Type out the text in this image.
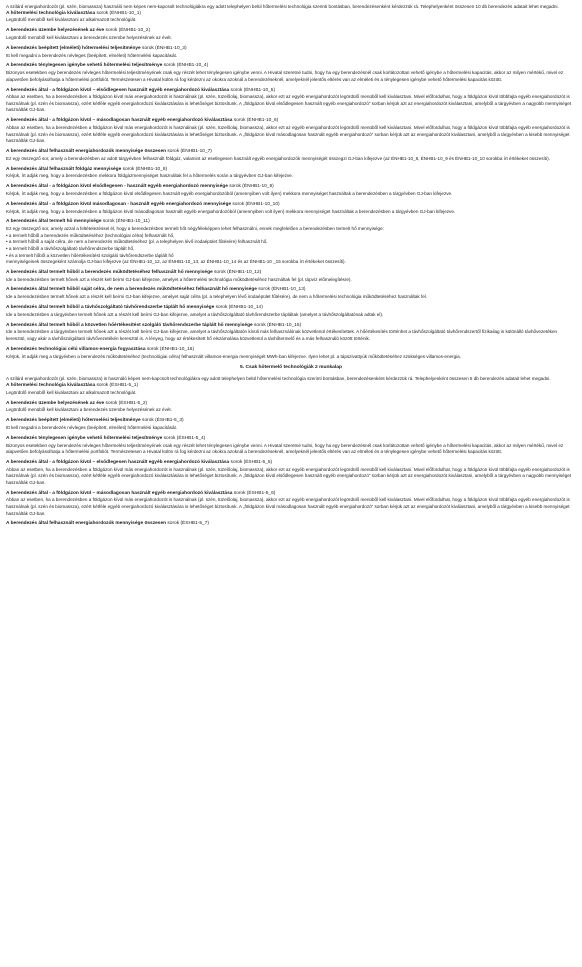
A szilárd energiahordozót (pl. szén, biomassza) használó nem képes nem-kapcsolt technológiákra egy adott telephelyen belül hőtermelési technológia szerinti bontásban, berendezésenként kérdezzük rá. Telephelyenként összesen 10 db berendezés adatait lehet megadni.

A hőtermelési technológia kiválasztása sorok (ÉNHB1-10_1)

Legördülő menüből kell kiválasztani az alkalmazott technológiát.

A berendezés üzembe helyezésének az éve sorok (ÉNHB1-10_2)

Legördülő menüből kell kiválasztani a berendezés üzembe helyezésének az évét.

A berendezés beépített (elméleti) hőtermelési teljesítménye sorok (ÉNHB1-10_3)

Itt kell megadni a berendezés névleges (beépített, elméleti) hőtermelési kapacitását.

A berendezés ténylegesen igénybe vehető hőtermelési teljesítménye sorok (ÉNHB1-10_4)

Bizonyos esetekben egy berendezés névleges hőtermelési teljesítményének csak egy részét lehet ténylegesen igénybe venni. A Hivatal szeretné tudni, hogy ha egy berendezésnél csak korlátozottan vehető igénybe a hőtermelési kapacitás, akkor az milyen mértékű, mivel ez alapvetően befolyásolhatja a hőtermelési portfoliót. Természetesen a Hivatal külön rá fog kérdezni az okokra azoknál a berendezéseknél, amelyeknél jelentős eltérés van az elméleti és a ténylegesen igénybe vehető hőtermelési kapacitás között.

A berendezés által - a földgázon kívül – elsődlegesen használt egyéb energiahordozó kiválasztása sorok (ÉNHB1-10_5)

Abban az esetben, ha a berendezésben a földgázon kívül más energiahordozót is használnak (pl. szén, tüzelőolaj, biomassza), akkor ezt az egyéb energiahordozót legördülő menüből kell kiválasztani. Mivel előfordulhat, hogy a földgázon kívül többfajta egyéb energiahordozót is használnak (pl. szén és biomassza), ezért kétféle egyéb energiahordozó kiválasztására is lehetőséget biztosítunk. A „földgázon kívül elsődlegesen használt egyéb energiahordozó” sorban kérjük azt az energiahordozót kiválasztani, amelyből a tárgyévben a nagyobb mennyiséget használták GJ-ban.

A berendezés által - a földgázon kívül – másodlagosan használt egyéb energiahordozó kiválasztása sorok (ÉNHB1-10_6)

Abban az esetben, ha a berendezésben a földgázon kívül más energiahordozót is használnak (pl. szén, tüzelőolaj, biomassza), akkor ezt az egyéb energiahordozót legördülő menüből kell kiválasztani. Mivel előfordulhat, hogy a földgázon kívül többfajta egyéb energiahordozót is használnak (pl. szén és biomassza), ezért kétféle egyéb energiahordozó kiválasztására is lehetőséget biztosítunk. A „földgázon kívül másodlagosan használt egyéb energiahordozó” sorban kérjük azt az energiahordozót kiválasztani, amelyből a tárgyévben a kisebb mennyiséget használták GJ-ban.

A berendezés által felhasznált energiahordozók mennyisége összesen sorok (ÉNHB1-10_7)

Ez egy összegző sor, amely a berendezésben az adott tárgyévben felhasznált földgáz, valamint az esetlegesen használt egyéb energiahordozók mennyiségét összegzi GJ-ban kifejezve (az ÉNHB1-10_8, ÉNHB1-10_9 és ÉNHB1-10_10 sorokba írt értékeket összesíti).

A berendezés által felhasznált földgáz mennyisége sorok (ÉNHB1-10_8)

Kérjük, írt adják meg, hogy a berendezésben mekkora földgázmennyiséget használtak fel a hőtermelés során a tárgyévben GJ-ban kifejezve.

A berendezés által - a földgázon kívül elsődlegesen - használt egyéb energiahordozó mennyisége sorok (ÉNHB1-10_9)

Kérjük, írt adják meg, hogy a berendezésben a földgázon kívül elsődlegesen használt egyéb energiahordozóból (amennyiben volt ilyen) mekkora mennyiséget használtak a berendezésben a tárgyévben GJ-ban kifejezve.

A berendezés által - a földgázon kívül másodlagosan - használt egyéb energiahordozó mennyisége sorok (ÉNHB1-10_10)

Kérjük, írt adják meg, hogy a berendezésben a földgázon kívül másodlagosan használt egyéb energiahordozóból (amennyiben volt ilyen) mekkora mennyiséget használtak a berendezésben a tárgyévben GJ-ban kifejezve.

A berendezés által termelt hő mennyisége sorok (ÉNHB1-10_11)

Ez egy összegző sor, amely azzal a feltételezéssel él, hogy a berendezésben termelt hőt négyféleképpen lehet felhasználni, ennek megfelelően a berendezésben termelt hő mennyisége:

• a termelt hőből a berendezés működtetéséhez (technológiai célra) felhasznált hő,
• a termelt hőből a saját célra, de nem a berendezés működtetéséhez (pl. a telephelyen lévő irodaépület fűtésére) felhasznált hő,
• a termelt hőből a távhőszolgáltató távhőrendszerbe táplált hő,
• és a termelt hőből a közvetlen hőértékesítést szolgáló távhőrendszerbe táplált hő
mennyiségeinek összegeként számolja GJ-ban kifejezve (az ÉNHB1-10_12, az ÉNHB1-10_13, az ÉNHB1-10_14 és az ÉNHB1-10 _15 sorokba írt értékeket összesíti).

A berendezés által termelt hőből a berendezés működtetéséhez felhasznált hő mennyisége sorok (ÉNHB1-10_12)

Ide a berendezésben termelt hőnek azt a részét kell beírni GJ-ban kifejezve, amelyet a hőtermelési technológia működtetéséhez használtak fel (pl. tápvíz előmelegítésre).

A berendezés által termelt hőből saját célra, de nem a berendezés működtetéséhez felhasznált hő mennyisége sorok (ÉNHB1-10_13)

Ide a berendezésben termelt hőnek azt a részét kell beírni GJ-ban kifejezve, amelyet saját célra (pl. a telephelyen lévő irodaépület fűtésére), de nem a hőtermelési technológia működtetéséhez használtak fel.

A berendezés által termelt hőből a távhőszolgáltató távhőrendszerbe táplált hő mennyisége sorok (ÉNHB1-10_14)

Ide a berendezésben a tárgyévben termelt hőnek azt a részét kell beírni GJ-ban kifejezve, amelyet a távhőszolgáltató távhőrendszerbe tápláltak (amelyet a távhőszolgáltatónak adtak el).

A berendezés által termelt hőből a közvetlen hőértékesítést szolgáló távhőrendszerbe táplált hő mennyisége sorok (ÉNHB1-10_15)

Ide a berendezésben a tárgyévben termelt hőnek azt a részét kell beírni GJ-ban kifejezve, amelyet a távhőszolgáltatón kívüli más felhasználónak közvetlenül értékesítettek. A hőértékesítés történhet a távhőszolgáltató távhőrendszertől fizikailag is különálló távhővezetéken keresztül, vagy akár a távhőszolgáltató távhővezetékén keresztül is. A lényeg, hogy az értékesített hő elszámolása közvetlenül a távhőtermelő és a más felhasználó között történik.

A berendezés technológiai célú villamos-energia fogyasztása sorok (ÉNHB1-10_16)

Kérjük, írt adják meg a tárgyévben a berendezés működtetéséhez (technológiai célra) felhasznált villamos-energia mennyiségét MWh-ban kifejezve. Ilyen lehet pl. a tápszivattyúk működtetéséhez szükséges villamos-energia.

5. Csak hőtermelő technológiák 2 munkalap

A szilárd energiahordozót (pl. szén, biomassza) is használó képes nem-kapcsolt technológiákra egy adott telephelyen belül hőtermelési technológia szerinti bontásban, berendezésenként kérdezzük rá. Telephelyenként összesen 5 db berendezés adatait lehet megadni.

A hőtermelési technológia kiválasztása sorok (ÉSHB1-5_1)

Legördülő menüből kell kiválasztani az alkalmazott technológiát.

A berendezés üzembe helyezésének az éve sorok (ÉSHB1-5_2)

Legördülő menüből kell kiválasztani a berendezés üzembe helyezésének az évét.

A berendezés beépített (elméleti) hőtermelési teljesítménye sorok (ÉSHB1-5_3)

Itt kell megadni a berendezés névleges (beépített, elméleti) hőtermelési kapacitását.

A berendezés ténylegesen igénybe vehető hőtermelési teljesítménye sorok (ÉSHB1-5_4)

Bizonyos esetekben egy berendezés névleges hőtermelési teljesítményének csak egy részét lehet ténylegesen igénybe venni. A Hivatal szeretné tudni, hogy ha egy berendezésnél csak korlátozottan vehető igénybe a hőtermelési kapacitás, akkor az milyen mértékű, mivel ez alapvetően befolyásolhatja a hőtermelési portfoliót. Természetesen a Hivatal külön rá fog kérdezni az okokra azoknál a berendezéseknél, amelyeknél jelentős eltérés van az elméleti és a ténylegesen igénybe vehető hőtermelési kapacitás között.

A berendezés által - a földgázon kívül – elsődlegesen használt egyéb energiahordozó kiválasztása sorok (ÉSHB1-5_5)

Abban az esetben, ha a berendezésben a földgázon kívül más energiahordozót is használnak (pl. szén, tüzelőolaj, biomassza), akkor ezt az egyéb energiahordozót legördülő menüből kell kiválasztani. Mivel előfordulhat, hogy a földgázon kívül többfajta egyéb energiahordozót is használnak (pl. szén és biomassza), ezért kétféle egyéb energiahordozó kiválasztására is lehetőséget biztosítunk. A „földgázon kívül elsődlegesen használt egyéb energiahordozó” sorban kérjük azt az energiahordozót kiválasztani, amelyből a tárgyévben a nagyobb mennyiséget használták GJ-ban.

A berendezés által - a földgázon kívül – másodlagosan használt egyéb energiahordozó kiválasztása sorok (ÉSHB1-5_6)

Abban az esetben, ha a berendezésben a földgázon kívül más energiahordozót is használnak (pl. szén, tüzelőolaj, biomassza), akkor ezt az egyéb energiahordozót legördülő menüből kell kiválasztani. Mivel előfordulhat, hogy a földgázon kívül többfajta egyéb energiahordozót is használnak (pl. szén és biomassza), ezért kétféle egyéb energiahordozó kiválasztására is lehetőséget biztosítunk. A „földgázon kívül másodlagosan használt egyéb energiahordozó” sorban kérjük azt az energiahordozót kiválasztani, amelyből a tárgyévben a kisebb mennyiséget használták GJ-ban.

A berendezés által felhasznált energiahordozók mennyisége összesen sorok (ÉSHB1-5_7)
